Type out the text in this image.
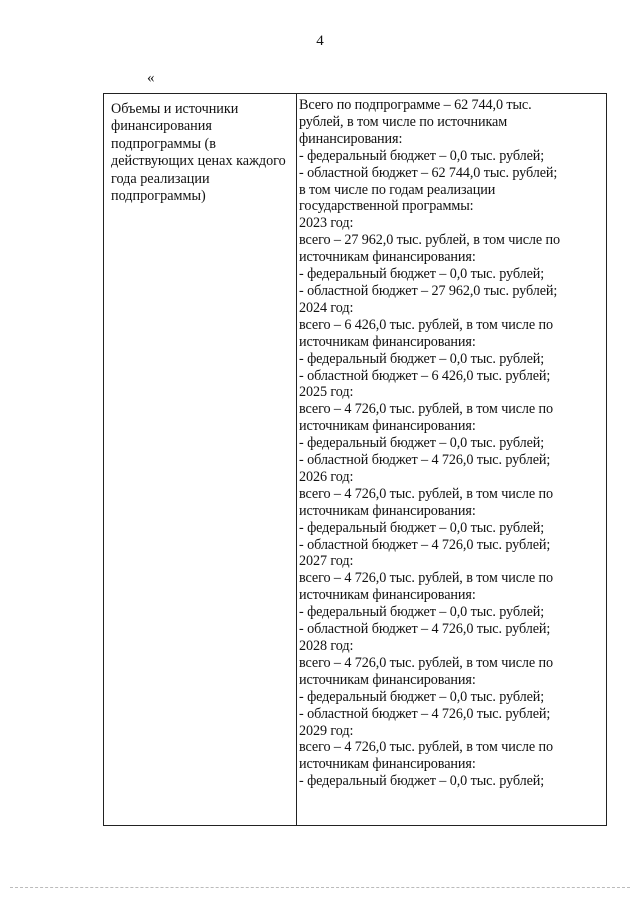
4
«
Объемы и источники
финансирования
подпрограммы (в
действующих ценах каждого
года реализации
подпрограммы)
Всего по подпрограмме – 62 744,0 тыс.
рублей, в том числе по источникам
финансирования:
- федеральный бюджет – 0,0 тыс. рублей;
- областной бюджет – 62 744,0 тыс. рублей;
в том числе по годам реализации
государственной программы:
2023 год:
всего – 27 962,0 тыс. рублей, в том числе по
источникам финансирования:
- федеральный бюджет – 0,0 тыс. рублей;
- областной бюджет – 27 962,0 тыс. рублей;
2024 год:
всего – 6 426,0 тыс. рублей, в том числе по
источникам финансирования:
- федеральный бюджет – 0,0 тыс. рублей;
- областной бюджет – 6 426,0 тыс. рублей;
2025 год:
всего – 4 726,0 тыс. рублей, в том числе по
источникам финансирования:
- федеральный бюджет – 0,0 тыс. рублей;
- областной бюджет – 4 726,0 тыс. рублей;
2026 год:
всего – 4 726,0 тыс. рублей, в том числе по
источникам финансирования:
- федеральный бюджет – 0,0 тыс. рублей;
- областной бюджет – 4 726,0 тыс. рублей;
2027 год:
всего – 4 726,0 тыс. рублей, в том числе по
источникам финансирования:
- федеральный бюджет – 0,0 тыс. рублей;
- областной бюджет – 4 726,0 тыс. рублей;
2028 год:
всего – 4 726,0 тыс. рублей, в том числе по
источникам финансирования:
- федеральный бюджет – 0,0 тыс. рублей;
- областной бюджет – 4 726,0 тыс. рублей;
2029 год:
всего – 4 726,0 тыс. рублей, в том числе по
источникам финансирования:
- федеральный бюджет – 0,0 тыс. рублей;
